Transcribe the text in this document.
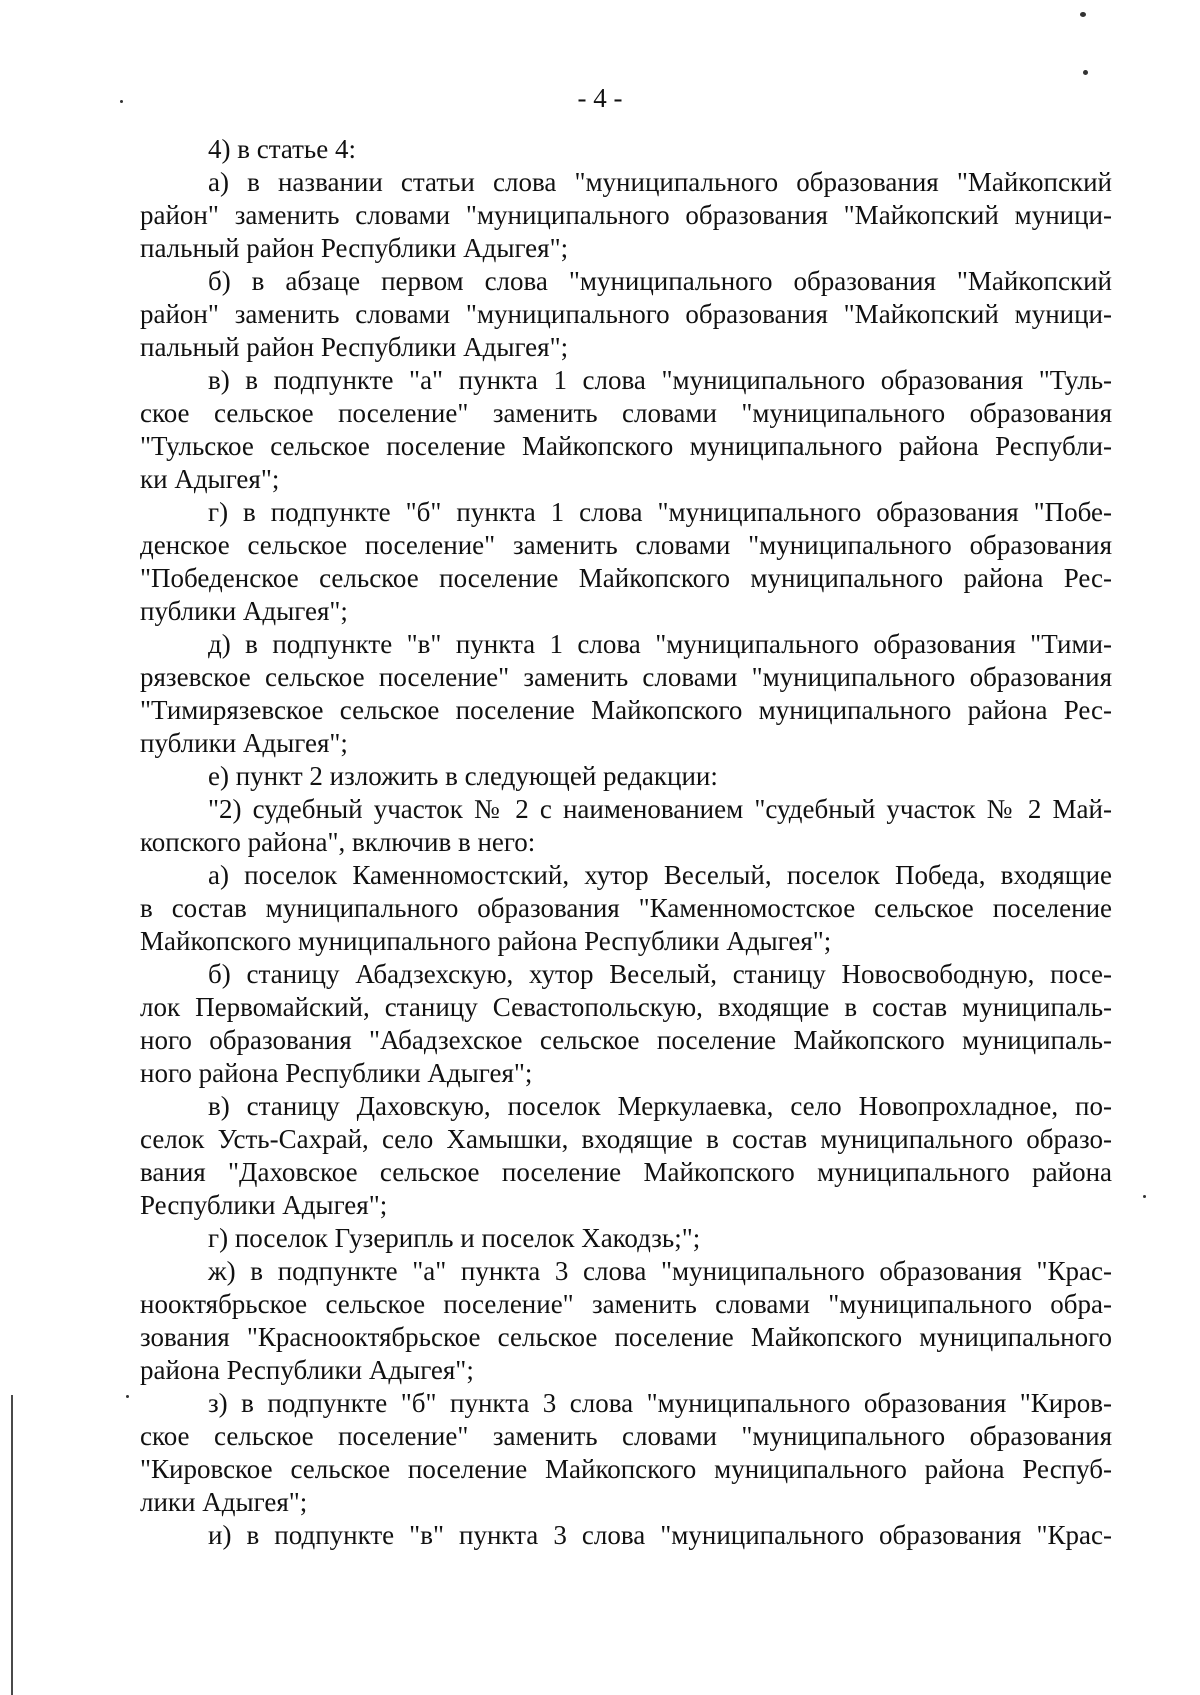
- 4 -
4) в статье 4:
а) в названии статьи слова "муниципального образования "Майкопский
район" заменить словами "муниципального образования "Майкопский муници-
пальный район Республики Адыгея";
б) в абзаце первом слова "муниципального образования "Майкопский
район" заменить словами "муниципального образования "Майкопский муници-
пальный район Республики Адыгея";
в) в подпункте "а" пункта 1 слова "муниципального образования "Туль-
ское сельское поселение" заменить словами "муниципального образования
"Тульское сельское поселение Майкопского муниципального района Республи-
ки Адыгея";
г) в подпункте "б" пункта 1 слова "муниципального образования "Побе-
денское сельское поселение" заменить словами "муниципального образования
"Победенское сельское поселение Майкопского муниципального района Рес-
публики Адыгея";
д) в подпункте "в" пункта 1 слова "муниципального образования "Тими-
рязевское сельское поселение" заменить словами "муниципального образования
"Тимирязевское сельское поселение Майкопского муниципального района Рес-
публики Адыгея";
е) пункт 2 изложить в следующей редакции:
"2) судебный участок № 2 с наименованием "судебный участок № 2 Май-
копского района", включив в него:
а) поселок Каменномостский, хутор Веселый, поселок Победа, входящие
в состав муниципального образования "Каменномостское сельское поселение
Майкопского муниципального района Республики Адыгея";
б) станицу Абадзехскую, хутор Веселый, станицу Новосвободную, посе-
лок Первомайский, станицу Севастопольскую, входящие в состав муниципаль-
ного образования "Абадзехское сельское поселение Майкопского муниципаль-
ного района Республики Адыгея";
в) станицу Даховскую, поселок Меркулаевка, село Новопрохладное, по-
селок Усть-Сахрай, село Хамышки, входящие в состав муниципального образо-
вания "Даховское сельское поселение Майкопского муниципального района
Республики Адыгея";
г) поселок Гузерипль и поселок Хакодзь;";
ж) в подпункте "а" пункта 3 слова "муниципального образования "Крас-
нооктябрьское сельское поселение" заменить словами "муниципального обра-
зования "Краснооктябрьское сельское поселение Майкопского муниципального
района Республики Адыгея";
з) в подпункте "б" пункта 3 слова "муниципального образования "Киров-
ское сельское поселение" заменить словами "муниципального образования
"Кировское сельское поселение Майкопского муниципального района Респуб-
лики Адыгея";
и) в подпункте "в" пункта 3 слова "муниципального образования "Крас-
